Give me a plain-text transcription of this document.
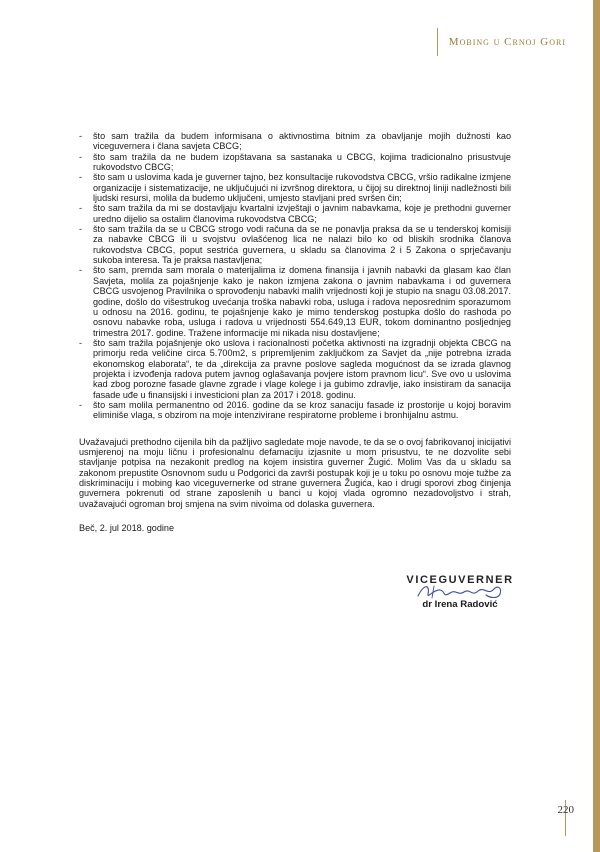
Mobing u Crnoj Gori
- što sam tražila da budem informisana o aktivnostima bitnim za obavljanje mojih dužnosti kao viceguvernera i člana savjeta CBCG;
- što sam tražila da ne budem izopštavana sa sastanaka u CBCG, kojima tradicionalno prisustvuje rukovodstvo CBCG;
- što sam u uslovima kada je guverner tajno, bez konsultacije rukovodstva CBCG, vršio radikalne izmjene organizacije i sistematizacije, ne uključujući ni izvršnog direktora, u čijoj su direktnoj liniji nadležnosti bili ljudski resursi, molila da budemo uključeni, umjesto stavljani pred svršen čin;
- što sam tražila da mi se dostavljaju kvartalni izvještaji o javnim nabavkama, koje je prethodni guverner uredno dijelio sa ostalim članovima rukovodstva CBCG;
- što sam tražila da se u CBCG strogo vodi računa da se ne ponavlja praksa da se u tenderskoj komisiji za nabavke CBCG ili u svojstvu ovlašćenog lica ne nalazi bilo ko od bliskih srodnika članova rukovodstva CBCG, poput sestrića guvernera, u skladu sa članovima 2 i 5 Zakona o sprječavanju sukoba interesa. Ta je praksa nastavljena;
- što sam, premda sam morala o materijalima iz domena finansija i javnih nabavki da glasam kao član Savjeta, molila za pojašnjenje kako je nakon izmjena zakona o javnim nabavkama i od guvernera CBCG usvojenog Pravilnika o sprovođenju nabavki malih vrijednosti koji je stupio na snagu 03.08.2017. godine, došlo do višestrukog uvećanja troška nabavki roba, usluga i radova neposrednim sporazumom u odnosu na 2016. godinu, te pojašnjenje kako je mimo tenderskog postupka došlo do rashoda po osnovu nabavke roba, usluga i radova u vrijednosti 554.649,13 EUR, tokom dominantno posljednjeg trimestra 2017. godine. Tražene informacije mi nikada nisu dostavljene;
- što sam tražila pojašnjenje oko uslova i racionalnosti početka aktivnosti na izgradnji objekta CBCG na primorju reda veličine circa 5.700m2, s pripremljenim zaključkom za Savjet da „nije potrebna izrada ekonomskog elaborata“, te da „direkcija za pravne poslove sagleda mogućnost da se izrada glavnog projekta i izvođenja radova putem javnog oglašavanja povjere istom pravnom licu“. Sve ovo u uslovima kad zbog porozne fasade glavne zgrade i vlage kolege i ja gubimo zdravlje, iako insistiram da sanacija fasade uđe u finansijski i investicioni plan za 2017 i 2018. godinu.
- što sam molila permanentno od 2016. godine da se kroz sanaciju fasade iz prostorije u kojoj boravim eliminiše vlaga, s obzirom na moje intenzivirane respiratorne probleme i bronhijalnu astmu.

Uvažavajući prethodno cijenila bih da pažljivo sagledate moje navode, te da se o ovoj fabrikovanoj inicijativi usmjerenoj na moju ličnu i profesionalnu defamaciju izjasnite u mom prisustvu, te ne dozvolite sebi stavljanje potpisa na nezakonit predlog na kojem insistira guverner Žugić. Molim Vas da u skladu sa zakonom prepustite Osnovnom sudu u Podgorici da završi postupak koji je u toku po osnovu moje tužbe za diskriminaciju i mobing kao viceguvernerke od strane guvernera Žugića, kao i drugi sporovi zbog činjenja guvernera pokrenuti od strane zaposlenih u banci u kojoj vlada ogromno nezadovoljstvo i strah, uvažavajući ogroman broj smjena na svim nivoima od dolaska guvernera.

Beč, 2. jul 2018. godine
VICEGUVERNER
dr Irena Radović
220
